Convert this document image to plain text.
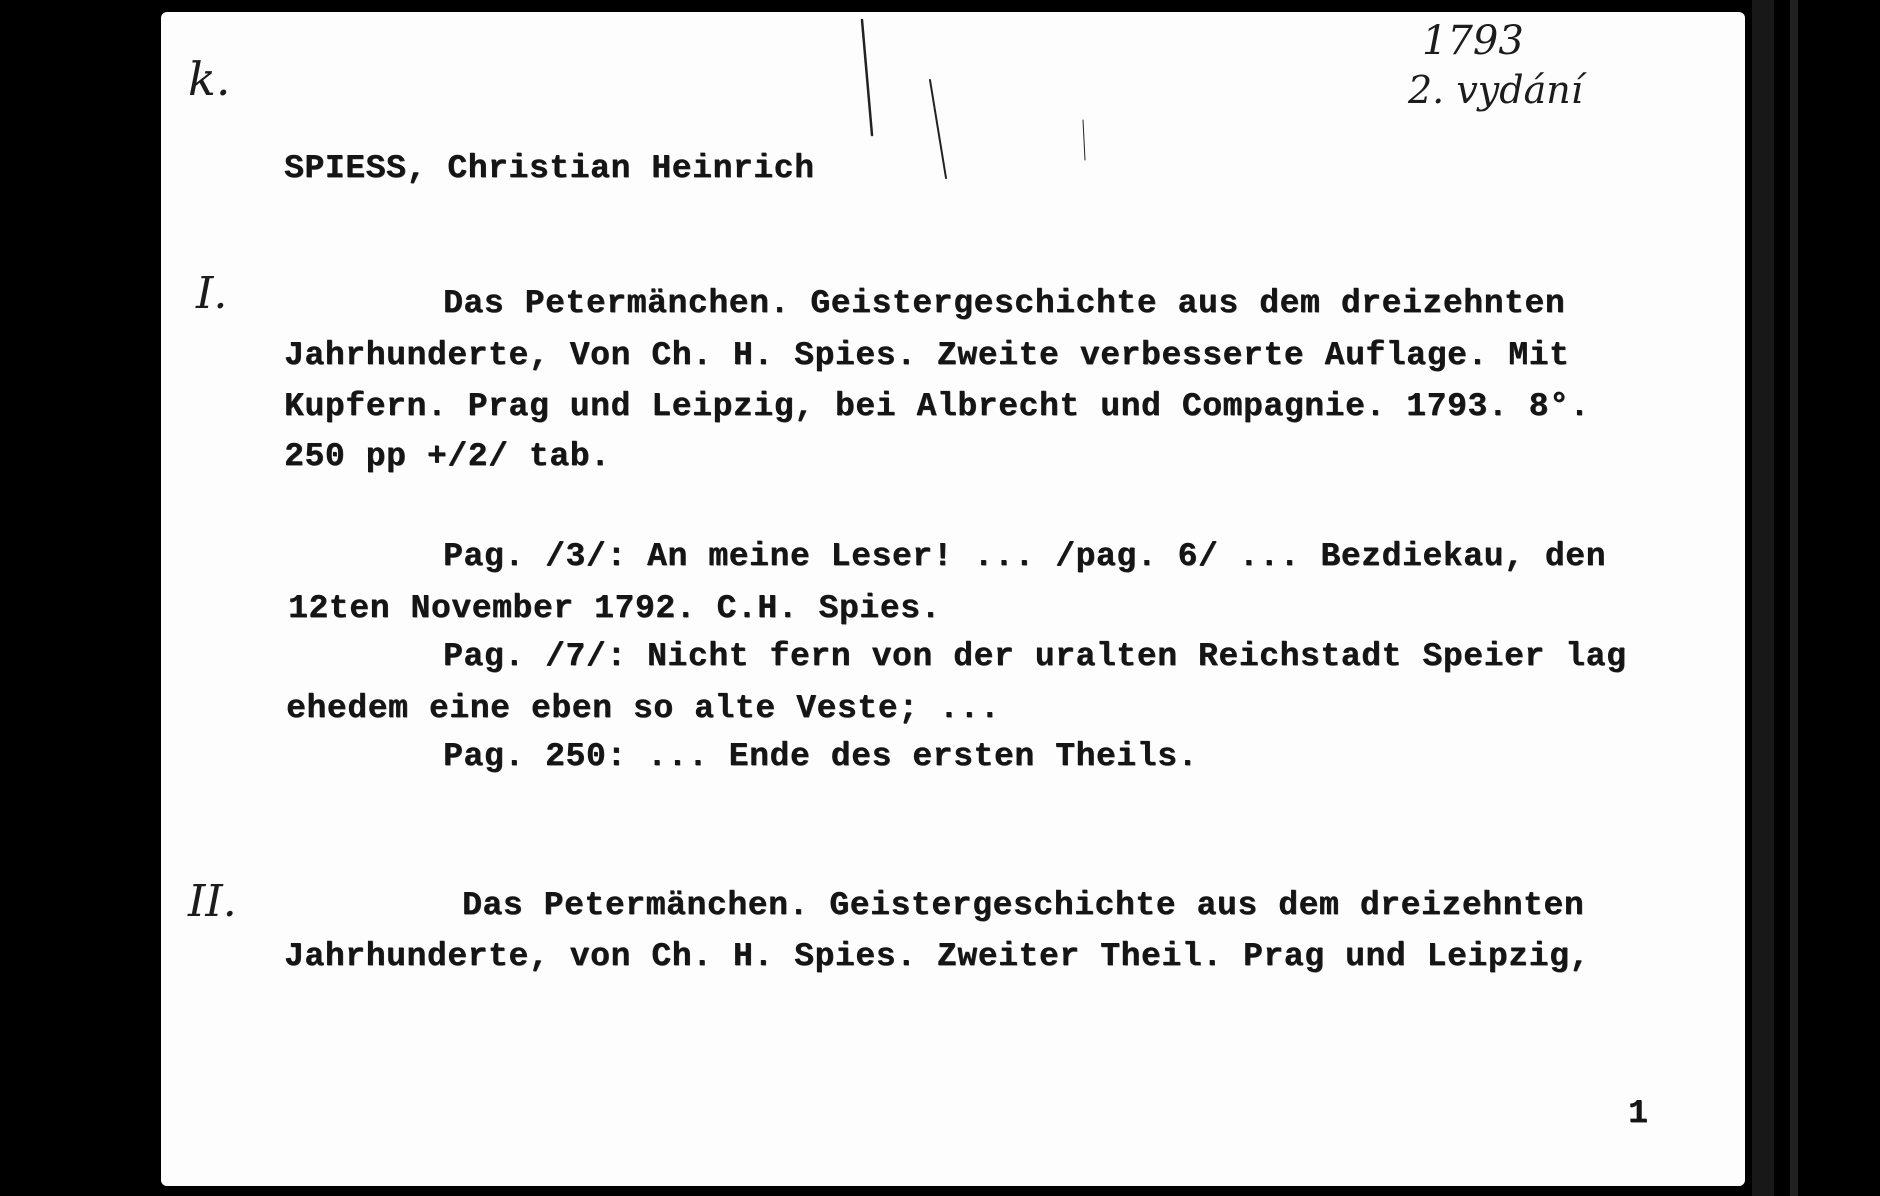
k.
1793
2. vydání
I.
II.
SPIESS, Christian Heinrich
Das Petermänchen. Geistergeschichte aus dem dreizehnten
Jahrhunderte, Von Ch. H. Spies. Zweite verbesserte Auflage. Mit
Kupfern. Prag und Leipzig, bei Albrecht und Compagnie. 1793. 8°.
250 pp +/2/ tab.
Pag. /3/: An meine Leser! ... /pag. 6/ ... Bezdiekau, den
12ten November 1792. C.H. Spies.
Pag. /7/: Nicht fern von der uralten Reichstadt Speier lag
ehedem eine eben so alte Veste; ...
Pag. 250: ... Ende des ersten Theils.
Das Petermänchen. Geistergeschichte aus dem dreizehnten
Jahrhunderte, von Ch. H. Spies. Zweiter Theil. Prag und Leipzig,
1
